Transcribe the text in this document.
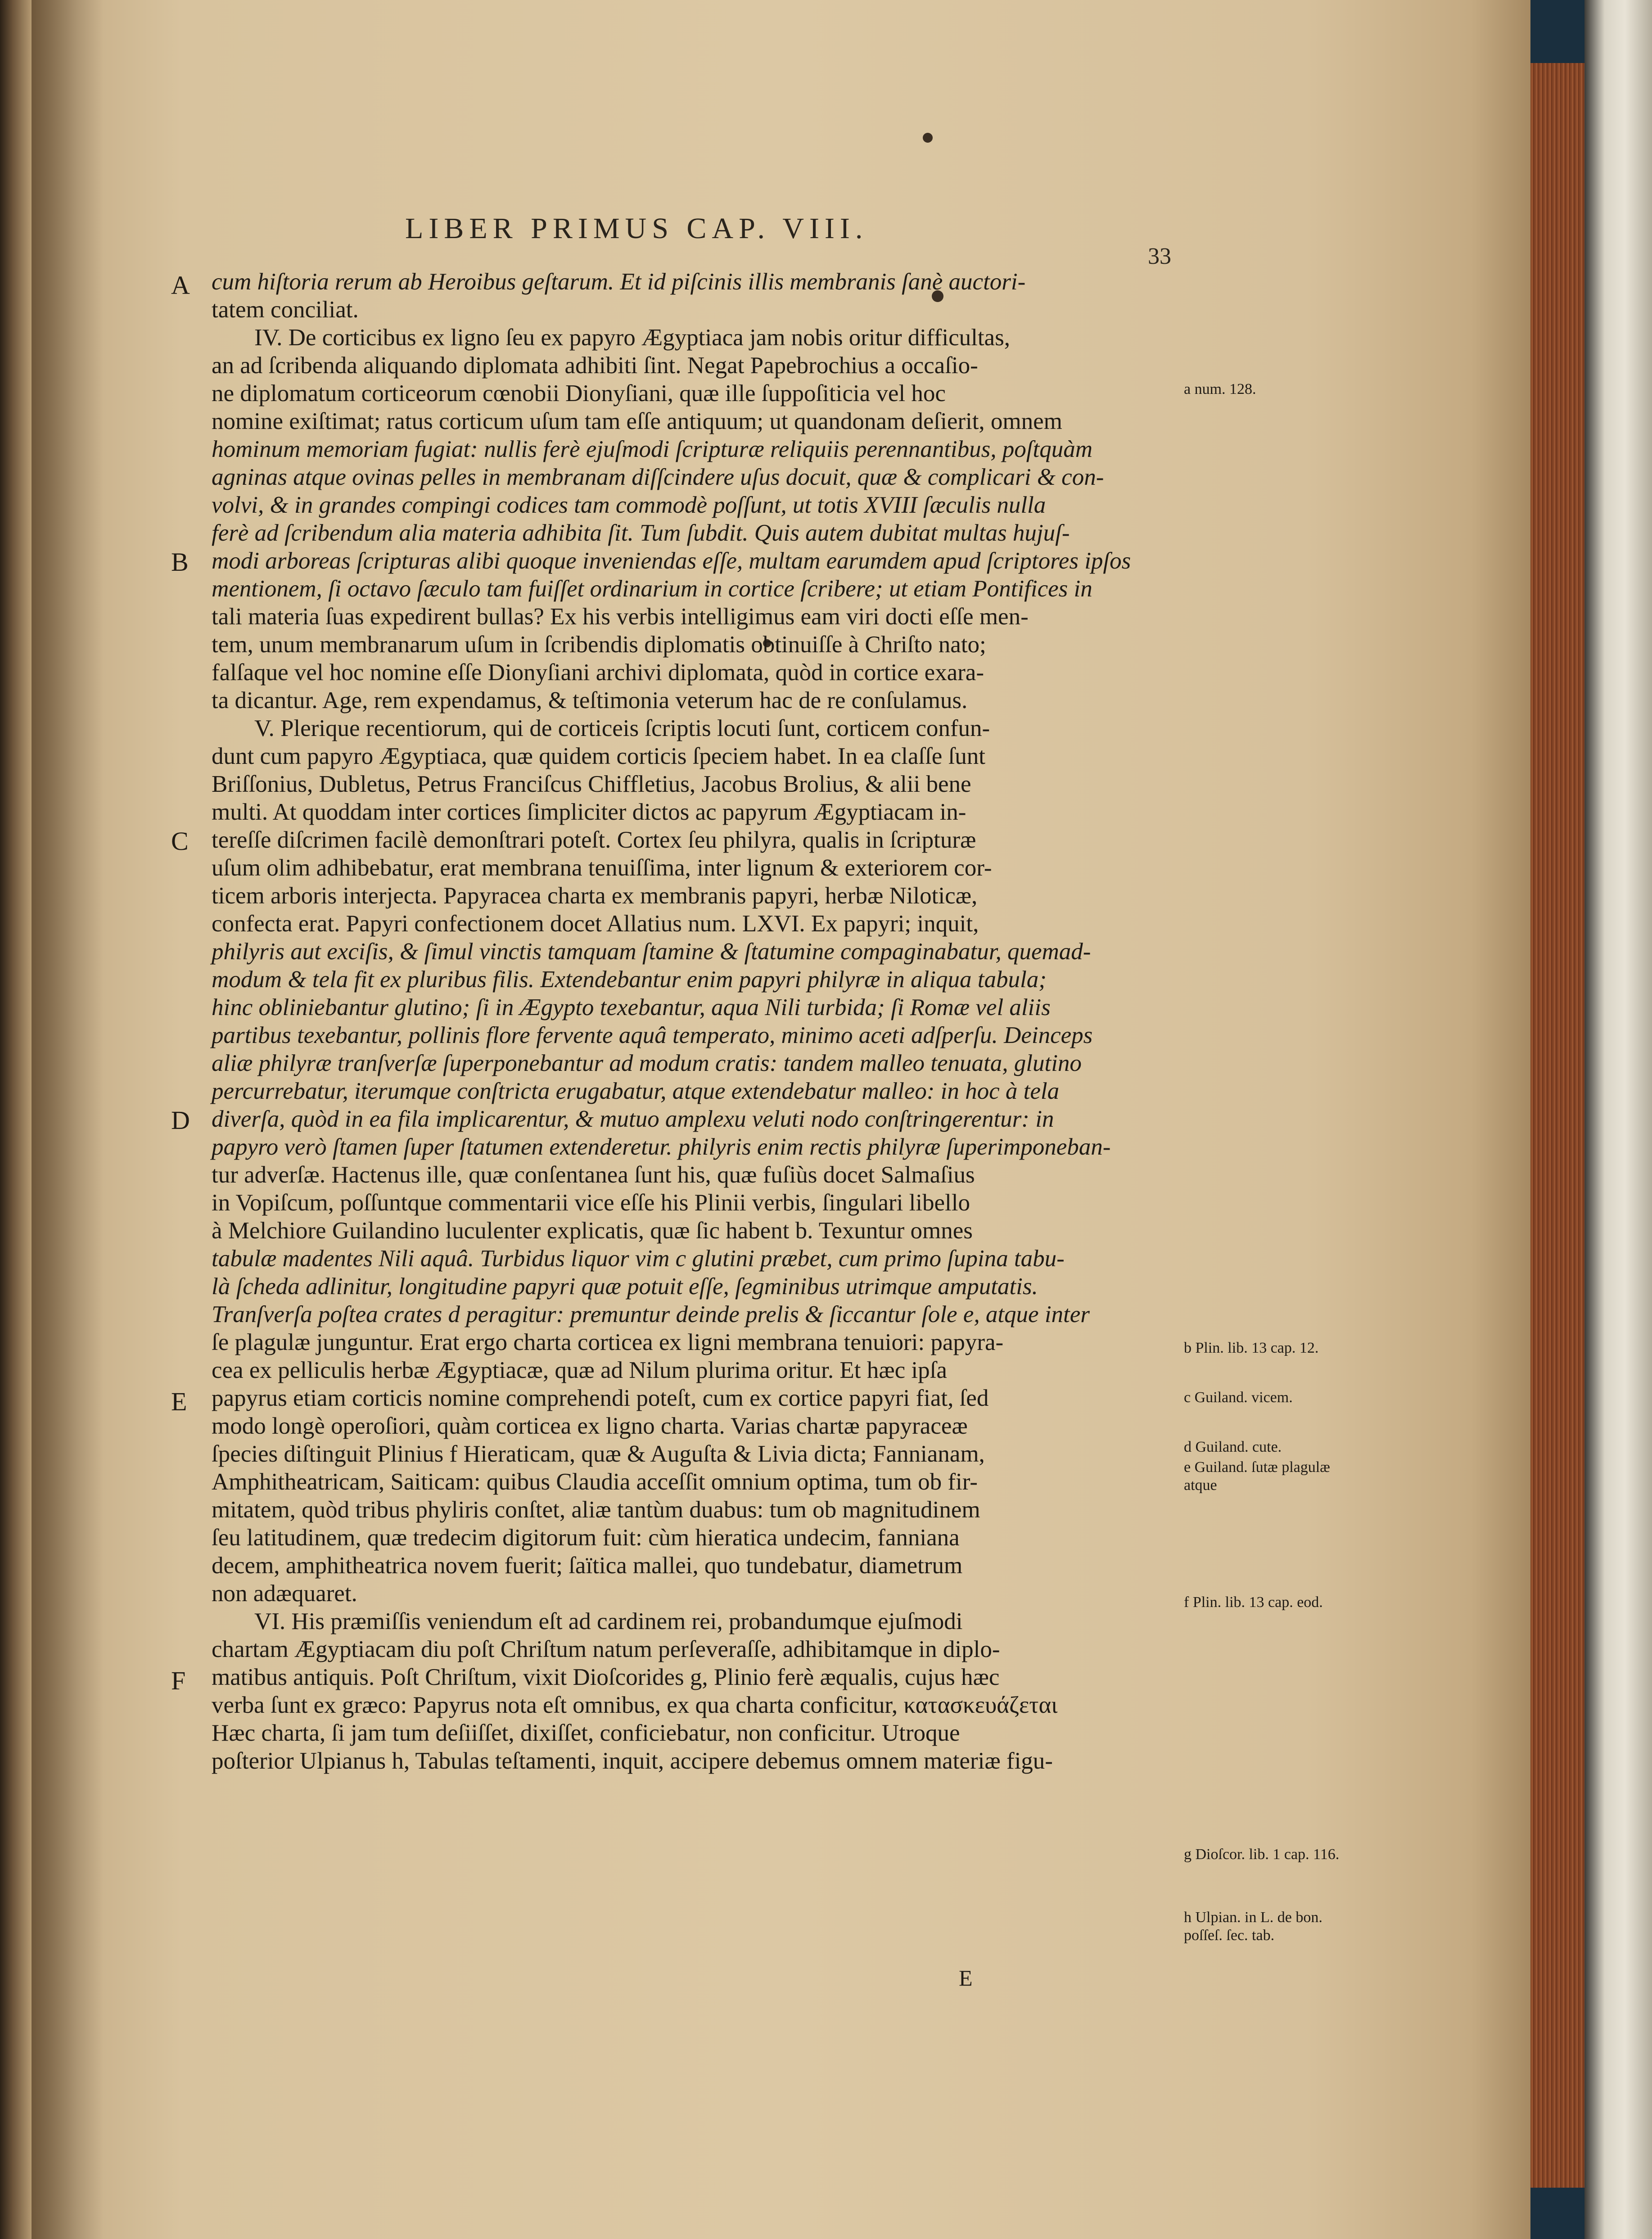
LIBER PRIMUS CAP. VIII.
33
cum hiſtoria rerum ab Heroibus geſtarum. Et id piſcinis illis membranis ſanè auctori-
tatem conciliat.
IV. De corticibus ex ligno ſeu ex papyro Ægyptiaca jam nobis oritur difficultas,
an ad ſcribenda aliquando diplomata adhibiti ſint. Negat Papebrochius a occaſio-
ne diplomatum corticeorum cœnobii Dionyſiani, quæ ille ſuppoſiticia vel hoc
nomine exiſtimat; ratus corticum uſum tam eſſe antiquum; ut quandonam deſierit, omnem
hominum memoriam fugiat: nullis ferè ejuſmodi ſcripturæ reliquiis perennantibus, poſtquàm
agninas atque ovinas pelles in membranam diſſcindere uſus docuit, quæ & complicari & con-
volvi, & in grandes compingi codices tam commodè poſſunt, ut totis XVIII ſæculis nulla
ferè ad ſcribendum alia materia adhibita ſit. Tum ſubdit. Quis autem dubitat multas hujuſ-
modi arboreas ſcripturas alibi quoque inveniendas eſſe, multam earumdem apud ſcriptores ipſos
mentionem, ſi octavo ſæculo tam fuiſſet ordinarium in cortice ſcribere; ut etiam Pontifices in
tali materia ſuas expedirent bullas? Ex his verbis intelligimus eam viri docti eſſe men-
tem, unum membranarum uſum in ſcribendis diplomatis obtinuiſſe à Chriſto nato;
falſaque vel hoc nomine eſſe Dionyſiani archivi diplomata, quòd in cortice exara-
ta dicantur. Age, rem expendamus, & teſtimonia veterum hac de re conſulamus.
V. Plerique recentiorum, qui de corticeis ſcriptis locuti ſunt, corticem confun-
dunt cum papyro Ægyptiaca, quæ quidem corticis ſpeciem habet. In ea claſſe ſunt
Briſſonius, Dubletus, Petrus Franciſcus Chiffletius, Jacobus Brolius, & alii bene
multi. At quoddam inter cortices ſimpliciter dictos ac papyrum Ægyptiacam in-
tereſſe diſcrimen facilè demonſtrari poteſt. Cortex ſeu philyra, qualis in ſcripturæ
uſum olim adhibebatur, erat membrana tenuiſſima, inter lignum & exteriorem cor-
ticem arboris interjecta. Papyracea charta ex membranis papyri, herbæ Niloticæ,
confecta erat. Papyri confectionem docet Allatius num. LXVI. Ex papyri; inquit,
philyris aut exciſis, & ſimul vinctis tamquam ſtamine & ſtatumine compaginabatur, quemad-
modum & tela fit ex pluribus filis. Extendebantur enim papyri philyræ in aliqua tabula;
hinc obliniebantur glutino; ſi in Ægypto texebantur, aqua Nili turbida; ſi Romæ vel aliis
partibus texebantur, pollinis flore fervente aquâ temperato, minimo aceti adſperſu. Deinceps
aliæ philyræ tranſverſæ ſuperponebantur ad modum cratis: tandem malleo tenuata, glutino
percurrebatur, iterumque conſtricta erugabatur, atque extendebatur malleo: in hoc à tela
diverſa, quòd in ea fila implicarentur, & mutuo amplexu veluti nodo conſtringerentur: in
papyro verò ſtamen ſuper ſtatumen extenderetur. philyris enim rectis philyræ ſuperimponeban-
tur adverſæ. Hactenus ille, quæ conſentanea ſunt his, quæ fuſiùs docet Salmaſius
in Vopiſcum, poſſuntque commentarii vice eſſe his Plinii verbis, ſingulari libello
à Melchiore Guilandino luculenter explicatis, quæ ſic habent b. Texuntur omnes
tabulæ madentes Nili aquâ. Turbidus liquor vim c glutini præbet, cum primo ſupina tabu-
là ſcheda adlinitur, longitudine papyri quæ potuit eſſe, ſegminibus utrimque amputatis.
Tranſverſa poſtea crates d peragitur: premuntur deinde prelis & ſiccantur ſole e, atque inter
ſe plagulæ junguntur. Erat ergo charta corticea ex ligni membrana tenuiori: papyra-
cea ex pelliculis herbæ Ægyptiacæ, quæ ad Nilum plurima oritur. Et hæc ipſa
papyrus etiam corticis nomine comprehendi poteſt, cum ex cortice papyri fiat, ſed
modo longè operoſiori, quàm corticea ex ligno charta. Varias chartæ papyraceæ
ſpecies diſtinguit Plinius f Hieraticam, quæ & Auguſta & Livia dicta; Fannianam,
Amphitheatricam, Saiticam: quibus Claudia acceſſit omnium optima, tum ob fir-
mitatem, quòd tribus phyliris conſtet, aliæ tantùm duabus: tum ob magnitudinem
ſeu latitudinem, quæ tredecim digitorum fuit: cùm hieratica undecim, fanniana
decem, amphitheatrica novem fuerit; ſaïtica mallei, quo tundebatur, diametrum
non adæquaret.
VI. His præmiſſis veniendum eſt ad cardinem rei, probandumque ejuſmodi
chartam Ægyptiacam diu poſt Chriſtum natum perſeveraſſe, adhibitamque in diplo-
matibus antiquis. Poſt Chriſtum, vixit Dioſcorides g, Plinio ferè æqualis, cujus hæc
verba ſunt ex græco: Papyrus nota eſt omnibus, ex qua charta conficitur, κατασκευάζεται
Hæc charta, ſi jam tum deſiiſſet, dixiſſet, conficiebatur, non conficitur. Utroque
poſterior Ulpianus h, Tabulas teſtamenti, inquit, accipere debemus omnem materiæ figu-
A
B
C
D
E
F
a num. 128.
b Plin. lib. 13 cap. 12.
c Guiland. vicem.
d Guiland. cute.
e Guiland. ſutæ plagulæ atque
f Plin. lib. 13 cap. eod.
g Dioſcor. lib. 1 cap. 116.
h Ulpian. in L. de bon. poſſeſ. ſec. tab.
E
